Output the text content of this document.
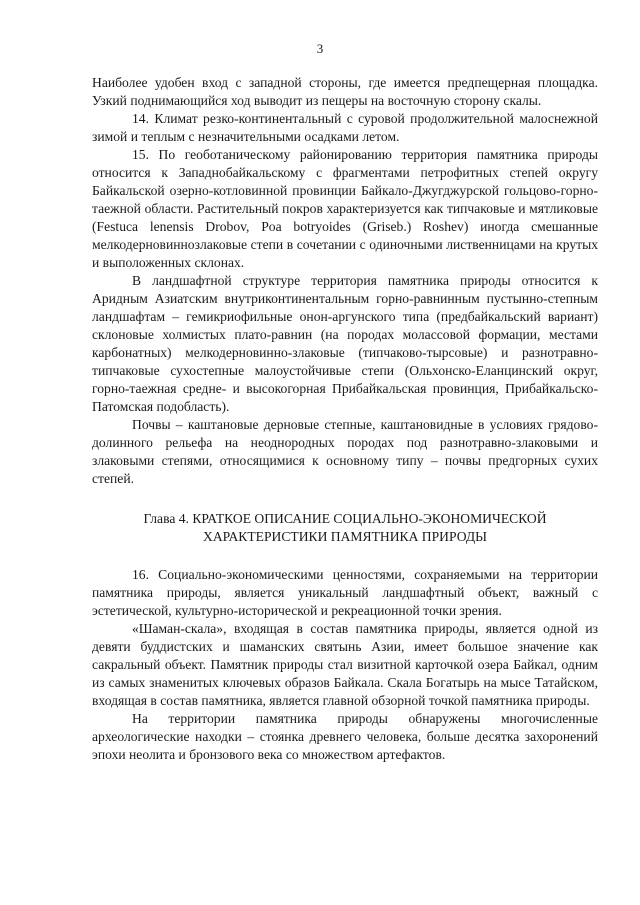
3

Наиболее удобен вход с западной стороны, где имеется предпещерная площадка. Узкий поднимающийся ход выводит из пещеры на восточную сторону скалы.

14. Климат резко-континентальный с суровой продолжительной малоснежной зимой и теплым с незначительными осадками летом.

15. По геоботаническому районированию территория памятника природы относится к Западнобайкальскому с фрагментами петрофитных степей округу Байкальской озерно-котловинной провинции Байкало-Джугджурской гольцово-горно-таежной области. Растительный покров характеризуется как типчаковые и мятликовые (Festuca lenensis Drobov, Poa botryoides (Griseb.) Roshev) иногда смешанные мелкодерновиннозлаковые степи в сочетании с одиночными лиственницами на крутых и выположенных склонах.

В ландшафтной структуре территория памятника природы относится к Аридным Азиатским внутриконтинентальным горно-равнинным пустынно-степным ландшафтам – гемикриофильные онон-аргунского типа (предбайкальский вариант) склоновые холмистых плато-равнин (на породах молассовой формации, местами карбонатных) мелкодерновинно-злаковые (типчаково-тырсовые) и разнотравно-типчаковые сухостепные малоустойчивые степи (Ольхонско-Еланцинский округ, горно-таежная средне- и высокогорная Прибайкальская провинция, Прибайкальско-Патомская подобласть).

Почвы – каштановые дерновые степные, каштановидные в условиях грядово-долинного рельефа на неоднородных породах под разнотравно-злаковыми и злаковыми степями, относящимися к основному типу – почвы предгорных сухих степей.

Глава 4. КРАТКОЕ ОПИСАНИЕ СОЦИАЛЬНО-ЭКОНОМИЧЕСКОЙ
ХАРАКТЕРИСТИКИ ПАМЯТНИКА ПРИРОДЫ

16. Социально-экономическими ценностями, сохраняемыми на территории памятника природы, является уникальный ландшафтный объект, важный с эстетической, культурно-исторической и рекреационной точки зрения.

«Шаман-скала», входящая в состав памятника природы, является одной из девяти буддистских и шаманских святынь Азии, имеет большое значение как сакральный объект. Памятник природы стал визитной карточкой озера Байкал, одним из самых знаменитых ключевых образов Байкала. Скала Богатырь на мысе Татайском, входящая в состав памятника, является главной обзорной точкой памятника природы.

На территории памятника природы обнаружены многочисленные археологические находки – стоянка древнего человека, больше десятка захоронений эпохи неолита и бронзового века со множеством артефактов.
